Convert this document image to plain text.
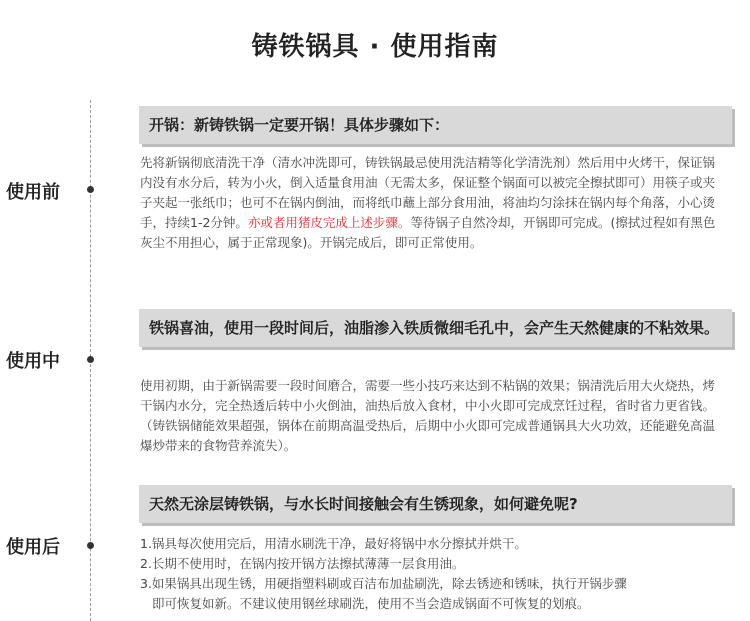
铸铁锅具 · 使用指南
开锅：新铸铁锅一定要开锅！具体步骤如下：
使用前
先将新锅彻底清洗干净（清水冲洗即可，铸铁锅最忌使用洗洁精等化学清洗剂）然后用中火烤干，保证锅内没有水分后，转为小火，倒入适量食用油（无需太多，保证整个锅面可以被完全擦拭即可）用筷子或夹子夹起一张纸巾；也可不在锅内倒油，而将纸巾蘸上部分食用油，将油均匀涂抹在锅内每个角落，小心烫手，持续1-2分钟。亦或者用猪皮完成上述步骤。等待锅子自然冷却，开锅即可完成。(擦拭过程如有黑色灰尘不用担心，属于正常现象)。开锅完成后，即可正常使用。
铁锅喜油，使用一段时间后，油脂渗入铁质微细毛孔中，会产生天然健康的不粘效果。
使用中
使用初期，由于新锅需要一段时间磨合，需要一些小技巧来达到不粘锅的效果；锅清洗后用大火烧热，烤干锅内水分，完全热透后转中小火倒油，油热后放入食材，中小火即可完成烹饪过程，省时省力更省钱。（铸铁锅储能效果超强，锅体在前期高温受热后，后期中小火即可完成普通锅具大火功效，还能避免高温爆炒带来的食物营养流失）。
天然无涂层铸铁锅，与水长时间接触会有生锈现象，如何避免呢?
使用后	1.锅具每次使用完后，用清水刷洗干净，最好将锅中水分擦拭并烘干。
2.长期不使用时，在锅内按开锅方法擦拭薄薄一层食用油。
3.如果锅具出现生锈，用硬指塑料刷或百洁布加盐刷洗，除去锈迹和锈味，执行开锅步骤
即可恢复如新。不建议使用钢丝球刷洗，使用不当会造成锅面不可恢复的划痕。
